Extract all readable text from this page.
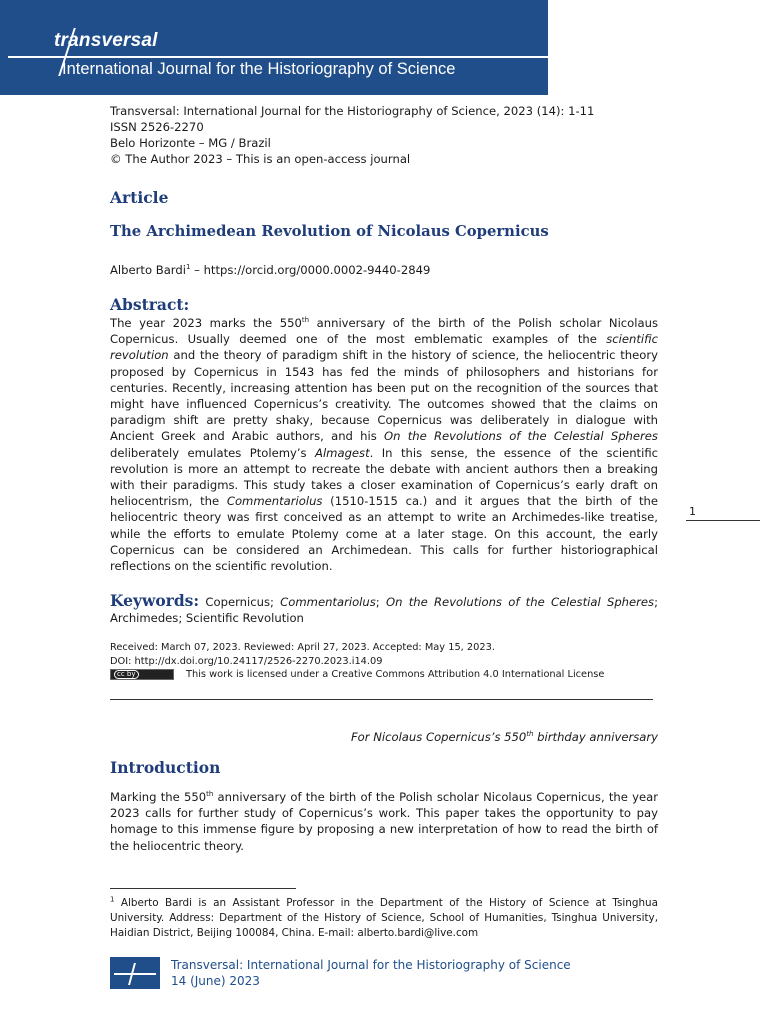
transversal
International Journal for the Historiography of Science
Transversal: International Journal for the Historiography of Science, 2023 (14): 1-11
ISSN 2526-2270
Belo Horizonte – MG / Brazil
© The Author 2023 – This is an open-access journal
Article
The Archimedean Revolution of Nicolaus Copernicus
Alberto Bardi$^1$ – https://orcid.org/0000.0002-9440-2849
Abstract:

The year 2023 marks the 550th anniversary of the birth of the Polish scholar Nicolaus Copernicus. Usually deemed one of the most emblematic examples of the scientific revolution and the theory of paradigm shift in the history of science, the heliocentric theory proposed by Copernicus in 1543 has fed the minds of philosophers and historians for centuries. Recently, increasing attention has been put on the recognition of the sources that might have influenced Copernicus’s creativity. The outcomes showed that the claims on paradigm shift are pretty shaky, because Copernicus was deliberately in dialogue with Ancient Greek and Arabic authors, and his On the Revolutions of the Celestial Spheres deliberately emulates Ptolemy’s Almagest. In this sense, the essence of the scientific revolution is more an attempt to recreate the debate with ancient authors then a breaking with their paradigms. This study takes a closer examination of Copernicus’s early draft on heliocentrism, the Commentariolus (1510-1515 ca.) and it argues that the birth of the heliocentric theory was first conceived as an attempt to write an Archimedes-like treatise, while the efforts to emulate Ptolemy come at a later stage. On this account, the early Copernicus can be considered an Archimedean. This calls for further historiographical reflections on the scientific revolution.

Keywords: Copernicus; Commentariolus; On the Revolutions of the Celestial Spheres; Archimedes; Scientific Revolution
Received: March 07, 2023. Reviewed: April 27, 2023. Accepted: May 15, 2023.
DOI: http://dx.doi.org/10.24117/2526-2270.2023.i14.09
cc by	This work is licensed under a Creative Commons Attribution 4.0 International License
For Nicolaus Copernicus’s 550th birthday anniversary
Introduction

Marking the 550th anniversary of the birth of the Polish scholar Nicolaus Copernicus, the year 2023 calls for further study of Copernicus’s work. This paper takes the opportunity to pay homage to this immense figure by proposing a new interpretation of how to read the birth of the heliocentric theory.

$^1$ Alberto Bardi is an Assistant Professor in the Department of the History of Science at Tsinghua University. Address: Department of the History of Science, School of Humanities, Tsinghua University, Haidian District, Beijing 100084, China. E-mail: alberto.bardi@live.com

1
Transversal: International Journal for the Historiography of Science
14 (June) 2023
